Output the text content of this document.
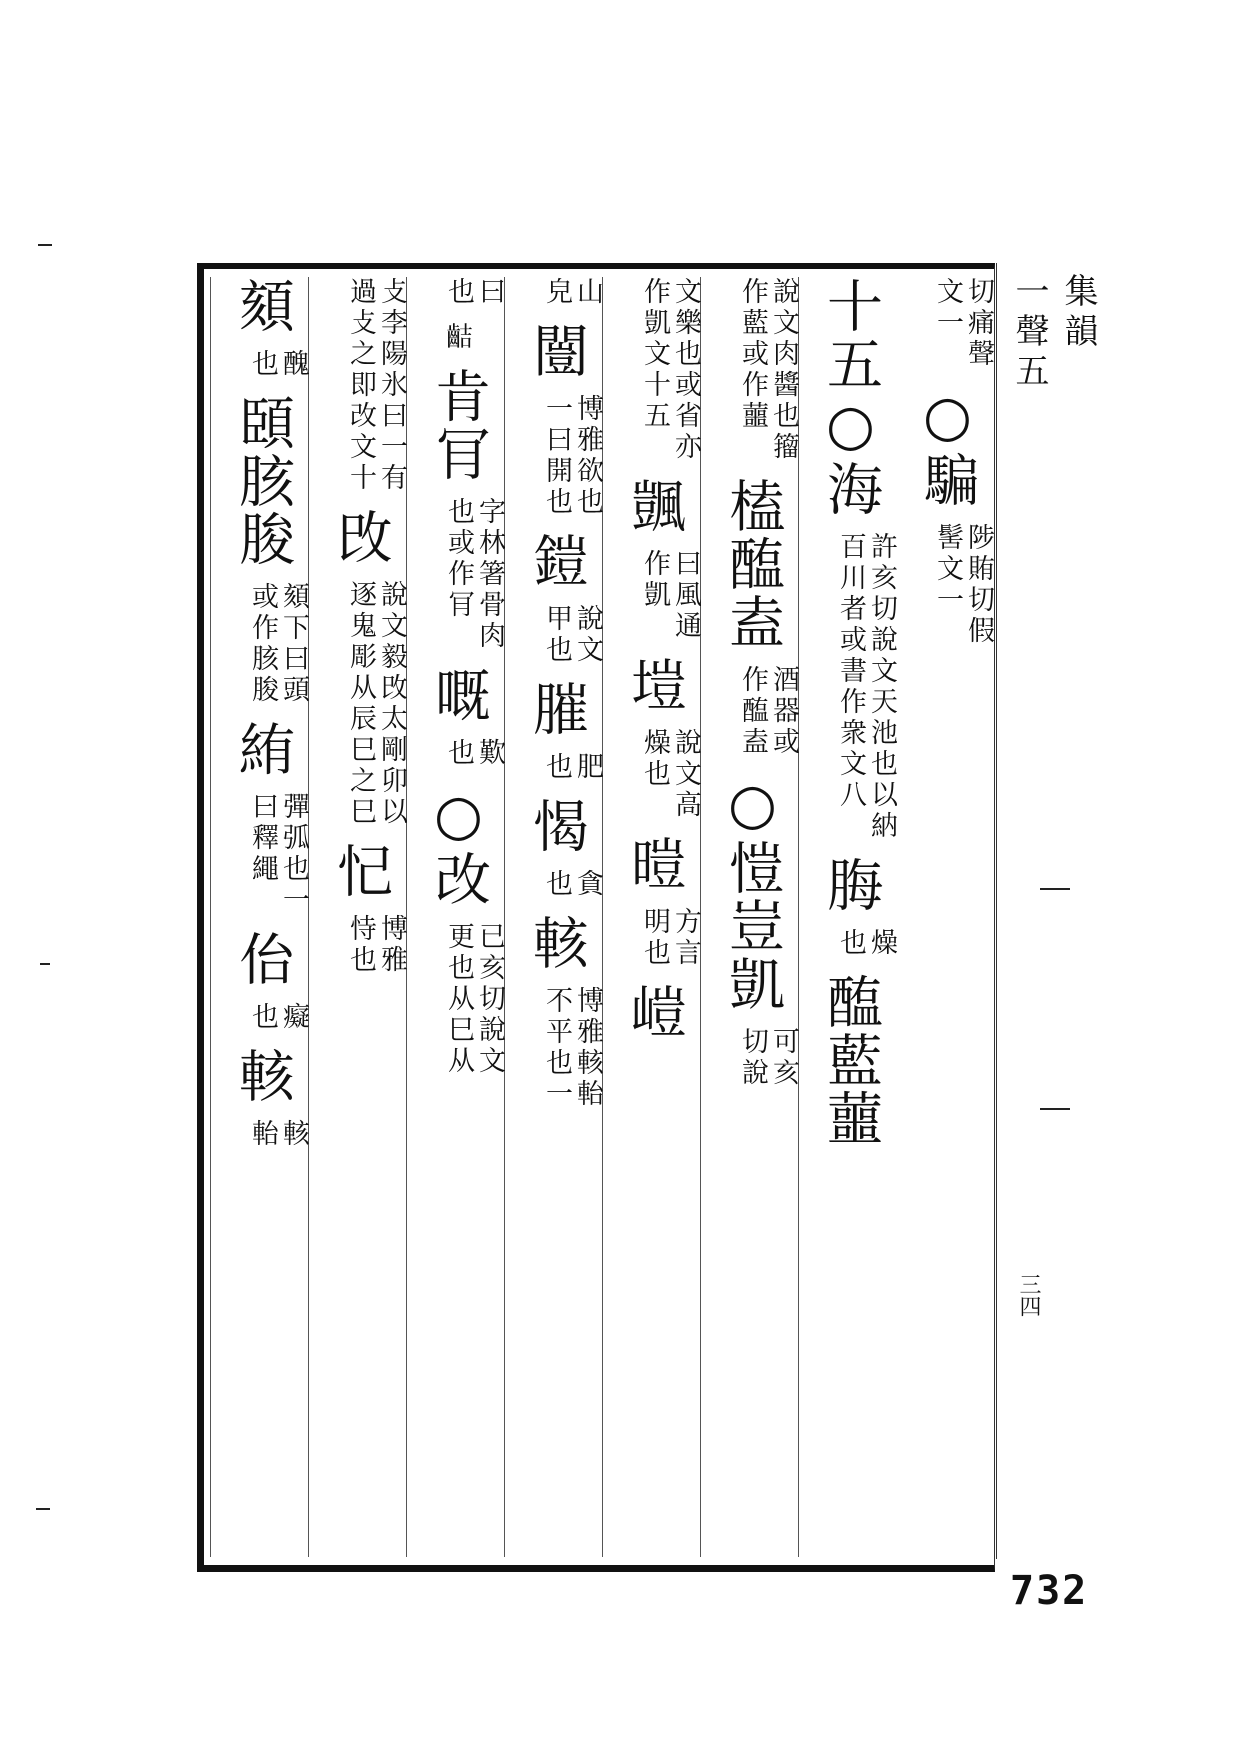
切痛聲
文一
○騙
陟賄切假
髺文一
十五○海
許亥切說文天池也以納
百川者或書作衆文八
脢
燥
也
醢藍蘁
說文肉醬也籀
作藍或作蘁
榼醢盍
酒器或
作醢盍
○愷豈凱
可亥
切說
文樂也或省亦
作凱文十五
颽
曰風通
作凱
塏
說文高
燥也
暟
方言
明也
嵦
山
皃
闓
博雅欲也
一曰開也
鎧
說文
甲也
膗
肥
也
愒
貪
也
輆
博雅輆軩
不平也一
曰
也
𪗾
肯肎
字林箸骨肉
也或作肎
嘅
歎
也
○改
已亥切說文
更也从巳从
攴李陽氷曰一有
過攴之即改文十
攺
說文毅攺太剛卯以
逐鬼彫从辰巳之巳
忋
博雅
恃也
頦
醜
也
頣胲朘
頦下曰頭
或作胲朘
絠
彈弧也一
曰釋繩
佁
癡
也
輆
輆
軩
集韻
一聲五
三四
732
